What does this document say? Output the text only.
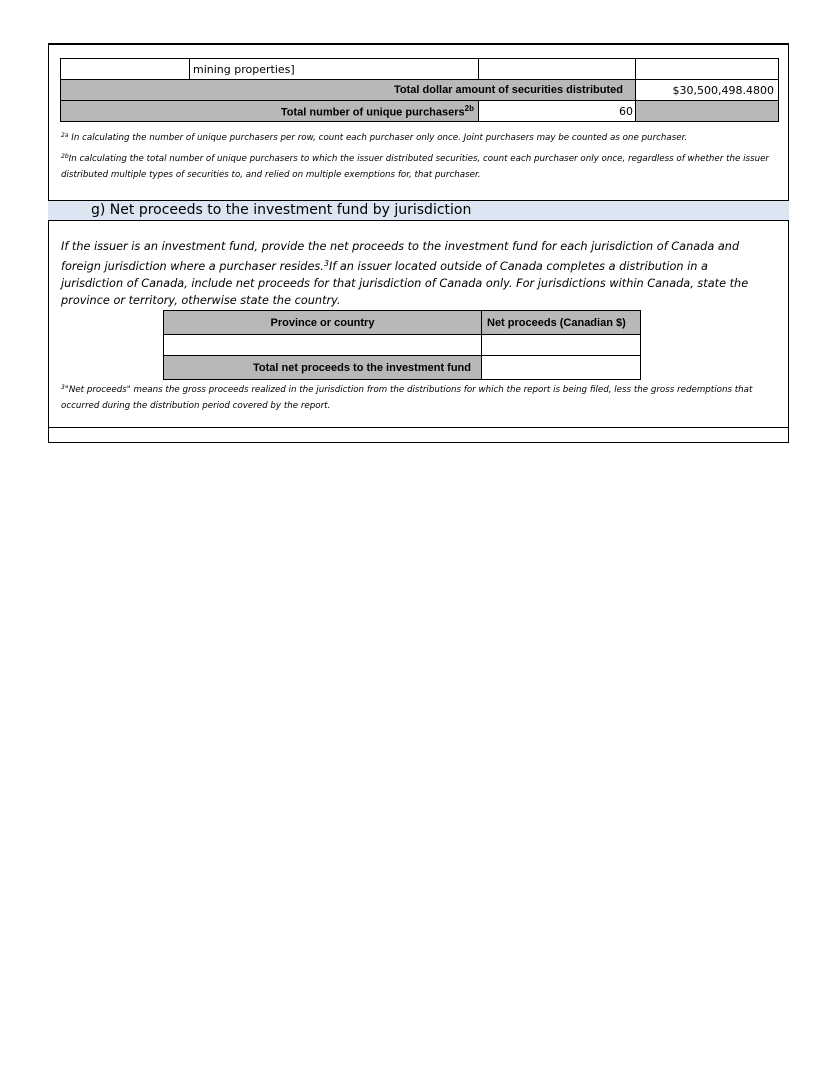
	mining properties]		
Total dollar amount of securities distributed			$30,500,498.4800
Total number of unique purchasers$^{2b}$		60	
$^{2a}$ In calculating the number of unique purchasers per row, count each purchaser only once. Joint purchasers may be counted as one purchaser.
$^{2b}$In calculating the total number of unique purchasers to which the issuer distributed securities, count each purchaser only once, regardless of whether the issuer distributed multiple types of securities to, and relied on multiple exemptions for, that purchaser.
g) Net proceeds to the investment fund by jurisdiction
If the issuer is an investment fund, provide the net proceeds to the investment fund for each jurisdiction of Canada and foreign jurisdiction where a purchaser resides.$^3$If an issuer located outside of Canada completes a distribution in a jurisdiction of Canada, include net proceeds for that jurisdiction of Canada only. For jurisdictions within Canada, state the province or territory, otherwise state the country.
Province or country	Net proceeds (Canadian $)

Total net proceeds to the investment fund	
$^3$"Net proceeds" means the gross proceeds realized in the jurisdiction from the distributions for which the report is being filed, less the gross redemptions that occurred during the distribution period covered by the report.
